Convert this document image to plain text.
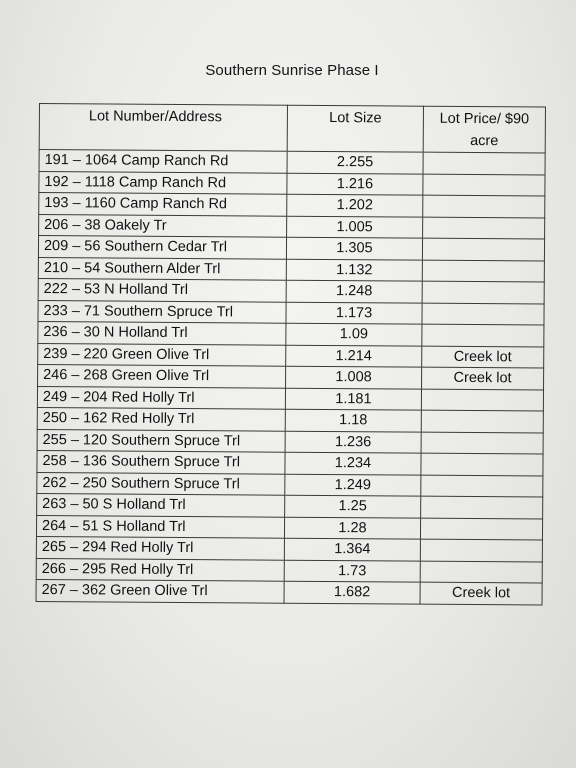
Southern Sunrise Phase I
Lot Number/Address	Lot Size	Lot Price/ $90 acre
191 – 1064 Camp Ranch Rd	2.255	
192 – 1118 Camp Ranch Rd	1.216	
193 – 1160 Camp Ranch Rd	1.202	
206 – 38 Oakely Tr	1.005	
209 – 56 Southern Cedar Trl	1.305	
210 – 54 Southern Alder Trl	1.132	
222 – 53 N Holland Trl	1.248	
233 – 71 Southern Spruce Trl	1.173	
236 – 30 N Holland Trl	1.09	
239 – 220 Green Olive Trl	1.214	Creek lot
246 – 268 Green Olive Trl	1.008	Creek lot
249 – 204 Red Holly Trl	1.181	
250 – 162 Red Holly Trl	1.18	
255 – 120 Southern Spruce Trl	1.236	
258 – 136 Southern Spruce Trl	1.234	
262 – 250 Southern Spruce Trl	1.249	
263 – 50 S Holland Trl	1.25	
264 – 51 S Holland Trl	1.28	
265 – 294 Red Holly Trl	1.364	
266 – 295 Red Holly Trl	1.73	
267 – 362 Green Olive Trl	1.682	Creek lot
